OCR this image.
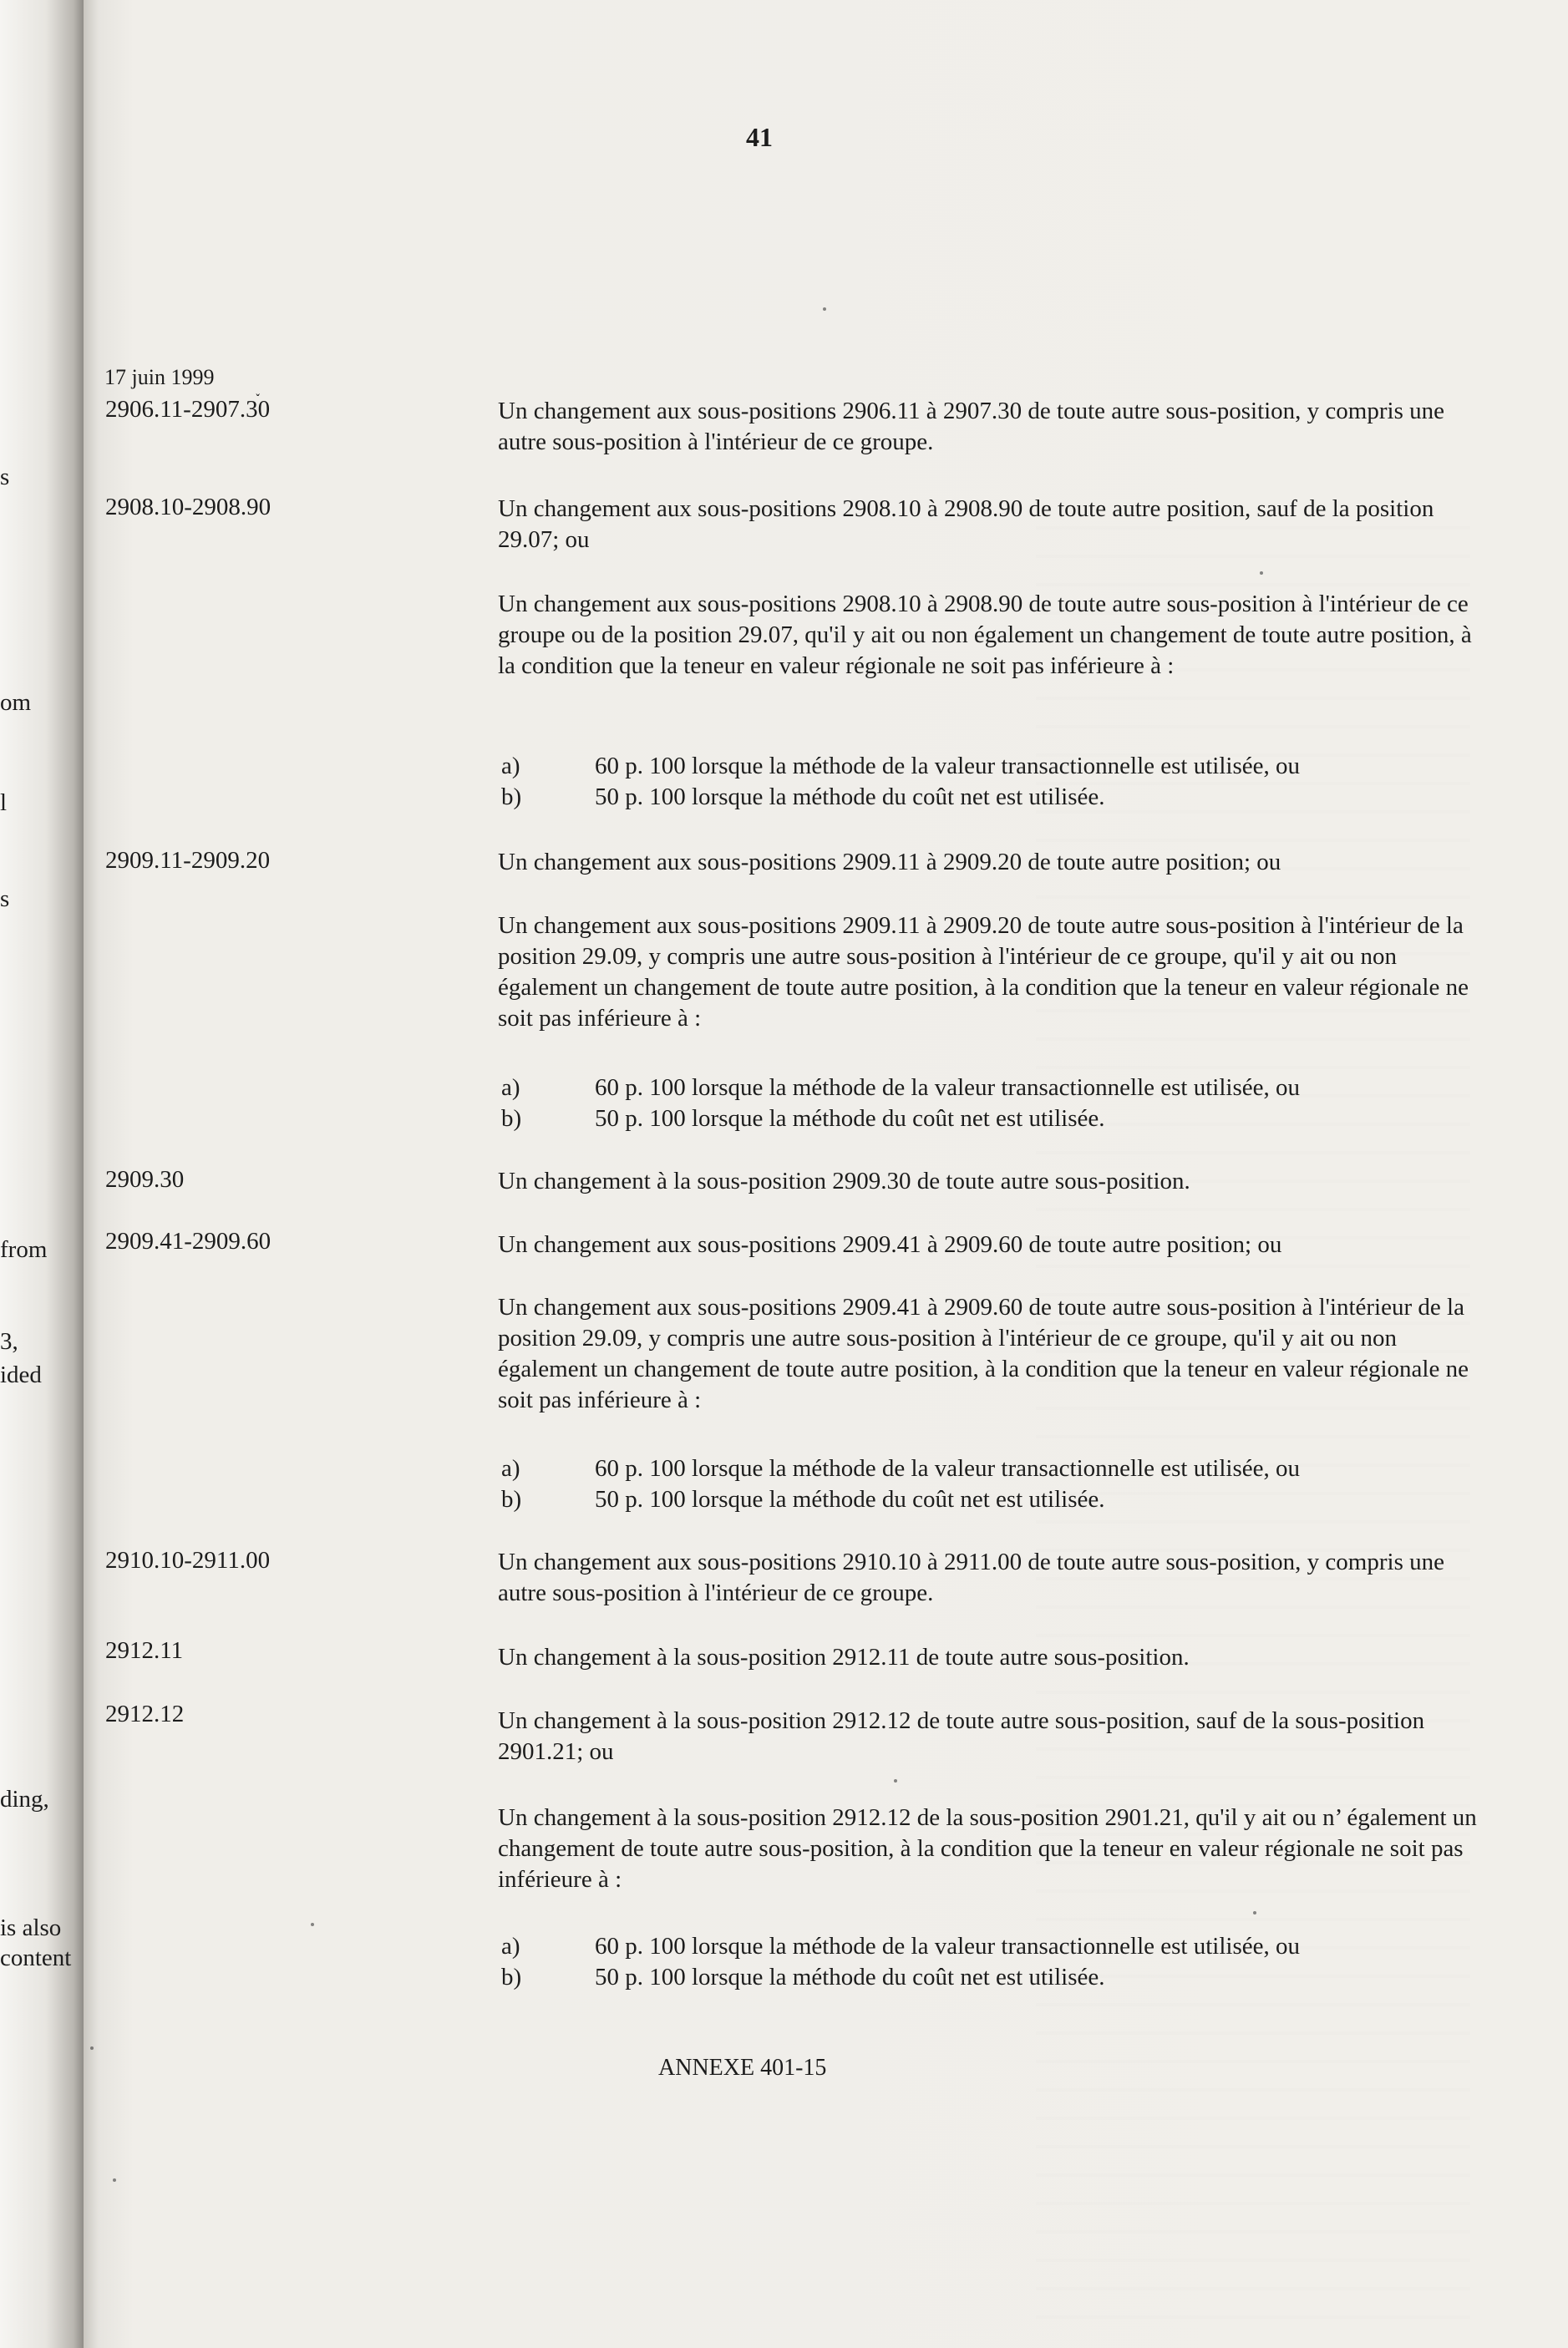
s
om
l
s
from
3,
ided
ding,
is also
content
41
17 juin 1999 ˯
2906.11-2907.30	Un changement aux sous-positions 2906.11 à 2907.30 de toute autre sous-position, y compris une autre sous-position à l'intérieur de ce groupe.
2908.10-2908.90	Un changement aux sous-positions 2908.10 à 2908.90 de toute autre position, sauf de la position 29.07; ou
Un changement aux sous-positions 2908.10 à 2908.90 de toute autre sous-position à l'intérieur de ce groupe ou de la position 29.07, qu'il y ait ou non également un changement de toute autre position, à la condition que la teneur en valeur régionale ne soit pas inférieure à :
a)	60 p. 100 lorsque la méthode de la valeur transactionnelle est utilisée, ou
b)	50 p. 100 lorsque la méthode du coût net est utilisée.
2909.11-2909.20	Un changement aux sous-positions 2909.11 à 2909.20 de toute autre position; ou
Un changement aux sous-positions 2909.11 à 2909.20 de toute autre sous-position à l'intérieur de la position 29.09, y compris une autre sous-position à l'intérieur de ce groupe, qu'il y ait ou non également un changement de toute autre position, à la condition que la teneur en valeur régionale ne soit pas inférieure à :
a)	60 p. 100 lorsque la méthode de la valeur transactionnelle est utilisée, ou
b)	50 p. 100 lorsque la méthode du coût net est utilisée.
2909.30	Un changement à la sous-position 2909.30 de toute autre sous-position.
2909.41-2909.60	Un changement aux sous-positions 2909.41 à 2909.60 de toute autre position; ou
Un changement aux sous-positions 2909.41 à 2909.60 de toute autre sous-position à l'intérieur de la position 29.09, y compris une autre sous-position à l'intérieur de ce groupe, qu'il y ait ou non également un changement de toute autre position, à la condition que la teneur en valeur régionale ne soit pas inférieure à :
a)	60 p. 100 lorsque la méthode de la valeur transactionnelle est utilisée, ou
b)	50 p. 100 lorsque la méthode du coût net est utilisée.
2910.10-2911.00	Un changement aux sous-positions 2910.10 à 2911.00 de toute autre sous-position, y compris une autre sous-position à l'intérieur de ce groupe.
2912.11	Un changement à la sous-position 2912.11 de toute autre sous-position.
2912.12	Un changement à la sous-position 2912.12 de toute autre sous-position, sauf de la sous-position 2901.21; ou
Un changement à la sous-position 2912.12 de la sous-position 2901.21, qu'il y ait ou n’ également un changement de toute autre sous-position, à la condition que la teneur en valeur régionale ne soit pas inférieure à :
a)	60 p. 100 lorsque la méthode de la valeur transactionnelle est utilisée, ou
b)	50 p. 100 lorsque la méthode du coût net est utilisée.
ANNEXE 401-15
